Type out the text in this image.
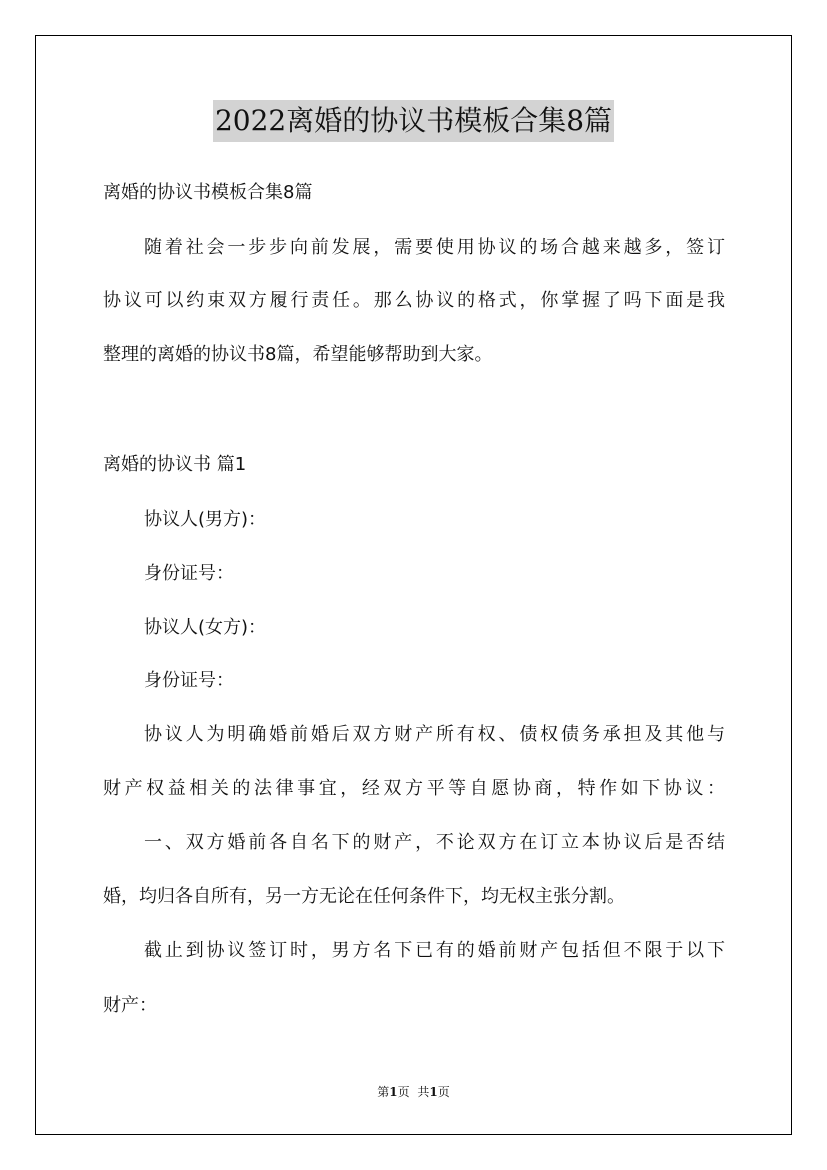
2022离婚的协议书模板合集8篇
离婚的协议书模板合集8篇
随着社会一步步向前发展，需要使用协议的场合越来越多，签订
协议可以约束双方履行责任。那么协议的格式，你掌握了吗下面是我
整理的离婚的协议书8篇，希望能够帮助到大家。
离婚的协议书 篇1
协议人(男方)：
身份证号：
协议人(女方)：
身份证号：
协议人为明确婚前婚后双方财产所有权、债权债务承担及其他与
财产权益相关的法律事宜，经双方平等自愿协商，特作如下协议：
一、双方婚前各自名下的财产，不论双方在订立本协议后是否结
婚，均归各自所有，另一方无论在任何条件下，均无权主张分割。
截止到协议签订时，男方名下已有的婚前财产包括但不限于以下
财产：
第1页 共1页
